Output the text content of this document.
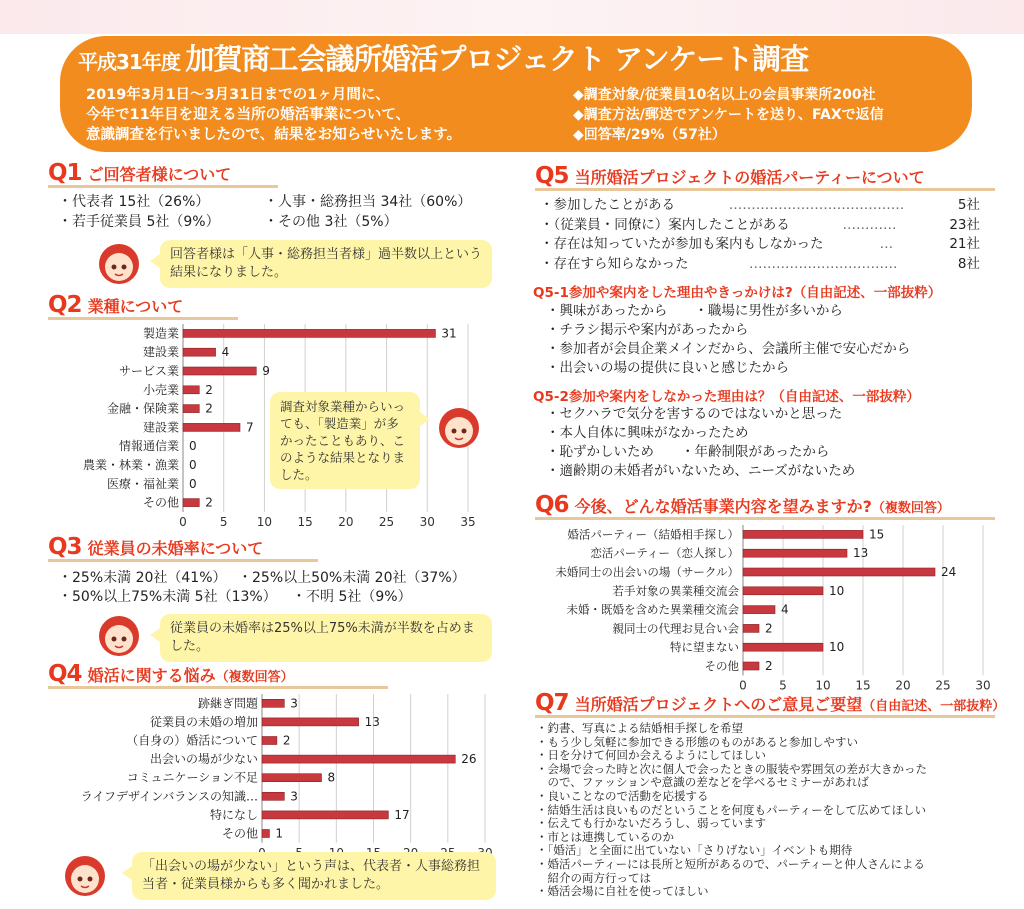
平成31年度 加賀商工会議所婚活プロジェクト アンケート調査
2019年3月1日～3月31日までの1ヶ月間に、
今年で11年目を迎える当所の婚活事業について、
意識調査を行いましたので、結果をお知らせいたします。
◆調査対象/従業員10名以上の会員事業所200社
◆調査方法/郵送でアンケートを送り、FAXで返信
◆回答率/29%（57社）
Q1 ご回答者様について
・代表者 15社（26%）	・人事・総務担当 34社（60%）
・若手従業員 5社（9%）	・その他 3社（5%）
回答者様は「人事・総務担当者様」過半数以上という結果になりました。
Q2 業種について
0	5 10 15 20 25 30 35
製造業	31
建設業	4
サービス業	9
小売業 2
金融・保険業 2
建設業	7
情報通信業 0
農業・林業・漁業 0
医療・福祉業 0
その他 2
調査対象業種からいっても、「製造業」が多かったこともあり、このような結果となりました。
Q3 従業員の未婚率について
・25%未満 20社（41%） ・25%以上50%未満 20社（37%）
・50%以上75%未満 5社（13%） ・不明 5社（9%）
従業員の未婚率は25%以上75%未満が半数を占めました。
Q4 婚活に関する悩み（複数回答）
跡継ぎ問題	3
従業員の未婚の増加	13
（自身の）婚活について 2
出会いの場が少ない	26
コミュニケーション不足	8
ライフデザインバランスの知識…	3
特になし	17
その他 1
「出会いの場が少ない」という声は、代表者・人事総務担当者・従業員様からも多く聞かれました。
Q5 当所婚活プロジェクトの婚活パーティーについて
・参加したことがある	…………………………………	5社
・（従業員・同僚に）案内したことがある	…………	23社
・存在は知っていたが参加も案内もしなかった	…	21社
・存在すら知らなかった	……………………………	8社
Q5-1参加や案内をした理由やきっかけは?（自由記述、一部抜粋）
・興味があったから　　・職場に男性が多いから
・チラシ掲示や案内があったから
・参加者が会員企業メインだから、会議所主催で安心だから
・出会いの場の提供に良いと感じたから
Q5-2参加や案内をしなかった理由は？（自由記述、一部抜粋）
・セクハラで気分を害するのではないかと思った
・本人自体に興味がなかったため
・恥ずかしいため　　・年齢制限があったから
・適齢期の未婚者がいないため、ニーズがないため
Q6 今後、どんな婚活事業内容を望みますか?（複数回答）
0	5 10 15 20 25 30
婚活パーティー（結婚相手探し）	15
恋活パーティー（恋人探し）	13
未婚同士の出会いの場（サークル）	24
若手対象の異業種交流会	10
未婚・既婚を含めた異業種交流会	4
親同士の代理お見合い会 2
特に望まない	10
その他 2
Q7 当所婚活プロジェクトへのご意見ご要望（自由記述、一部抜粋）
・釣書、写真による結婚相手探しを希望
・もう少し気軽に参加できる形態のものがあると参加しやすい
・日を分けて何回か会えるようにしてほしい
・会場で会った時と次に個人で会ったときの服装や雰囲気の差が大きかった
　ので、ファッションや意識の差などを学べるセミナーがあれば
・良いことなので活動を応援する
・結婚生活は良いものだということを何度もパーティーをして広めてほしい
・伝えても行かないだろうし、弱っています
・市とは連携しているのか
・「婚活」と全面に出ていない「さりげない」イベントも期待
・婚活パーティーには長所と短所があるので、パーティーと仲人さんによる
　紹介の両方行っては
・婚活会場に自社を使ってほしい
